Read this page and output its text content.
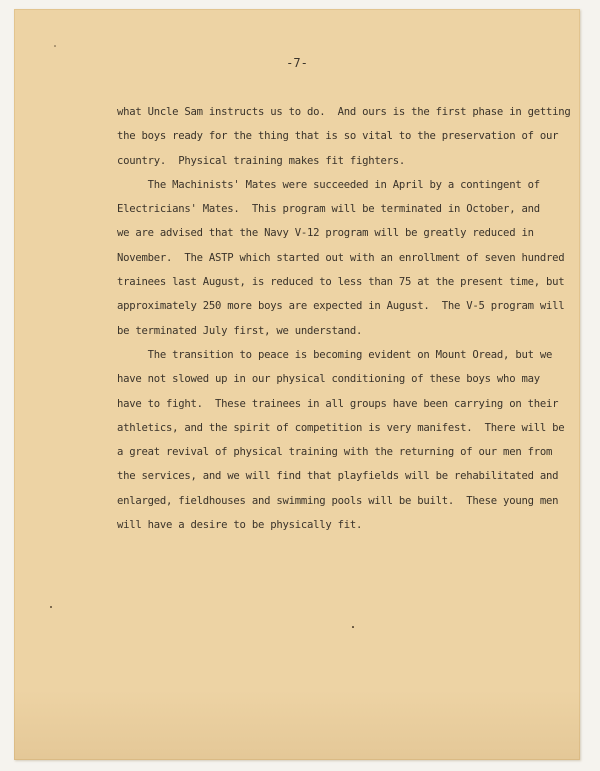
-7-
what Uncle Sam instructs us to do.  And ours is the first phase in getting
the boys ready for the thing that is so vital to the preservation of our
country.  Physical training makes fit fighters.
The Machinists' Mates were succeeded in April by a contingent of
Electricians' Mates.  This program will be terminated in October, and
we are advised that the Navy V-12 program will be greatly reduced in
November.  The ASTP which started out with an enrollment of seven hundred
trainees last August, is reduced to less than 75 at the present time, but
approximately 250 more boys are expected in August.  The V-5 program will
be terminated July first, we understand.
The transition to peace is becoming evident on Mount Oread, but we
have not slowed up in our physical conditioning of these boys who may
have to fight.  These trainees in all groups have been carrying on their
athletics, and the spirit of competition is very manifest.  There will be
a great revival of physical training with the returning of our men from
the services, and we will find that playfields will be rehabilitated and
enlarged, fieldhouses and swimming pools will be built.  These young men
will have a desire to be physically fit.
